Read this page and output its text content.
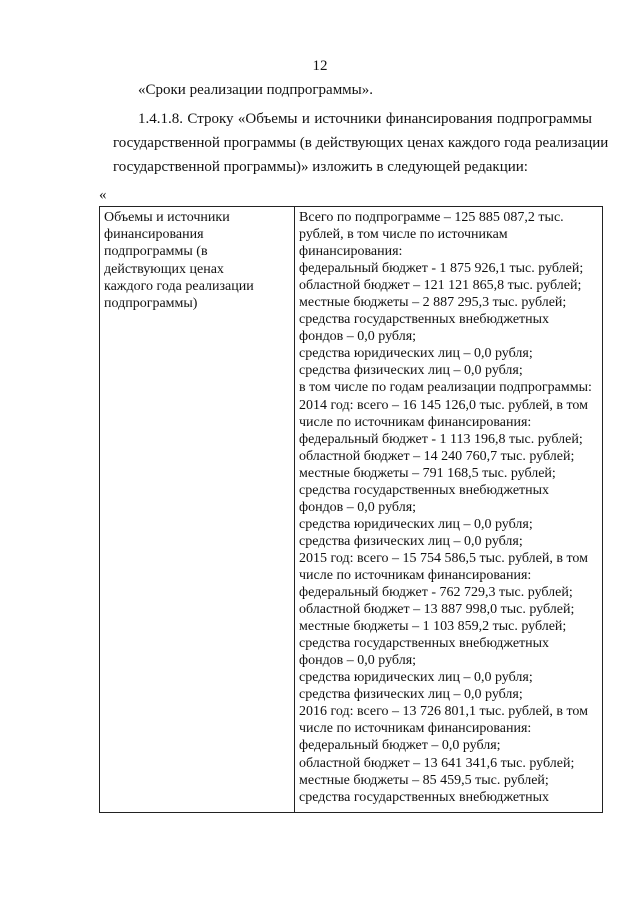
12
«Сроки реализации подпрограммы».
1.4.1.8. Строку «Объемы и источники финансирования подпрограммы
государственной программы (в действующих ценах каждого года реализации
государственной программы)» изложить в следующей редакции:
«
Объемы и источники
финансирования
подпрограммы (в
действующих ценах
каждого года реализации
подпрограммы)

Всего по подпрограмме – 125 885 087,2 тыс.
рублей, в том числе по источникам
финансирования:
федеральный бюджет - 1 875 926,1 тыс. рублей;
областной бюджет – 121 121 865,8 тыс. рублей;
местные бюджеты – 2 887 295,3 тыс. рублей;
средства государственных внебюджетных
фондов – 0,0 рубля;
средства юридических лиц – 0,0 рубля;
средства физических лиц – 0,0 рубля;
в том числе по годам реализации подпрограммы:
2014 год: всего – 16 145 126,0 тыс. рублей, в том
числе по источникам финансирования:
федеральный бюджет - 1 113 196,8 тыс. рублей;
областной бюджет – 14 240 760,7 тыс. рублей;
местные бюджеты – 791 168,5 тыс. рублей;
средства государственных внебюджетных
фондов – 0,0 рубля;
средства юридических лиц – 0,0 рубля;
средства физических лиц – 0,0 рубля;
2015 год: всего – 15 754 586,5 тыс. рублей, в том
числе по источникам финансирования:
федеральный бюджет - 762 729,3 тыс. рублей;
областной бюджет – 13 887 998,0 тыс. рублей;
местные бюджеты – 1 103 859,2 тыс. рублей;
средства государственных внебюджетных
фондов – 0,0 рубля;
средства юридических лиц – 0,0 рубля;
средства физических лиц – 0,0 рубля;
2016 год: всего – 13 726 801,1 тыс. рублей, в том
числе по источникам финансирования:
федеральный бюджет – 0,0 рубля;
областной бюджет – 13 641 341,6 тыс. рублей;
местные бюджеты – 85 459,5 тыс. рублей;
средства государственных внебюджетных
